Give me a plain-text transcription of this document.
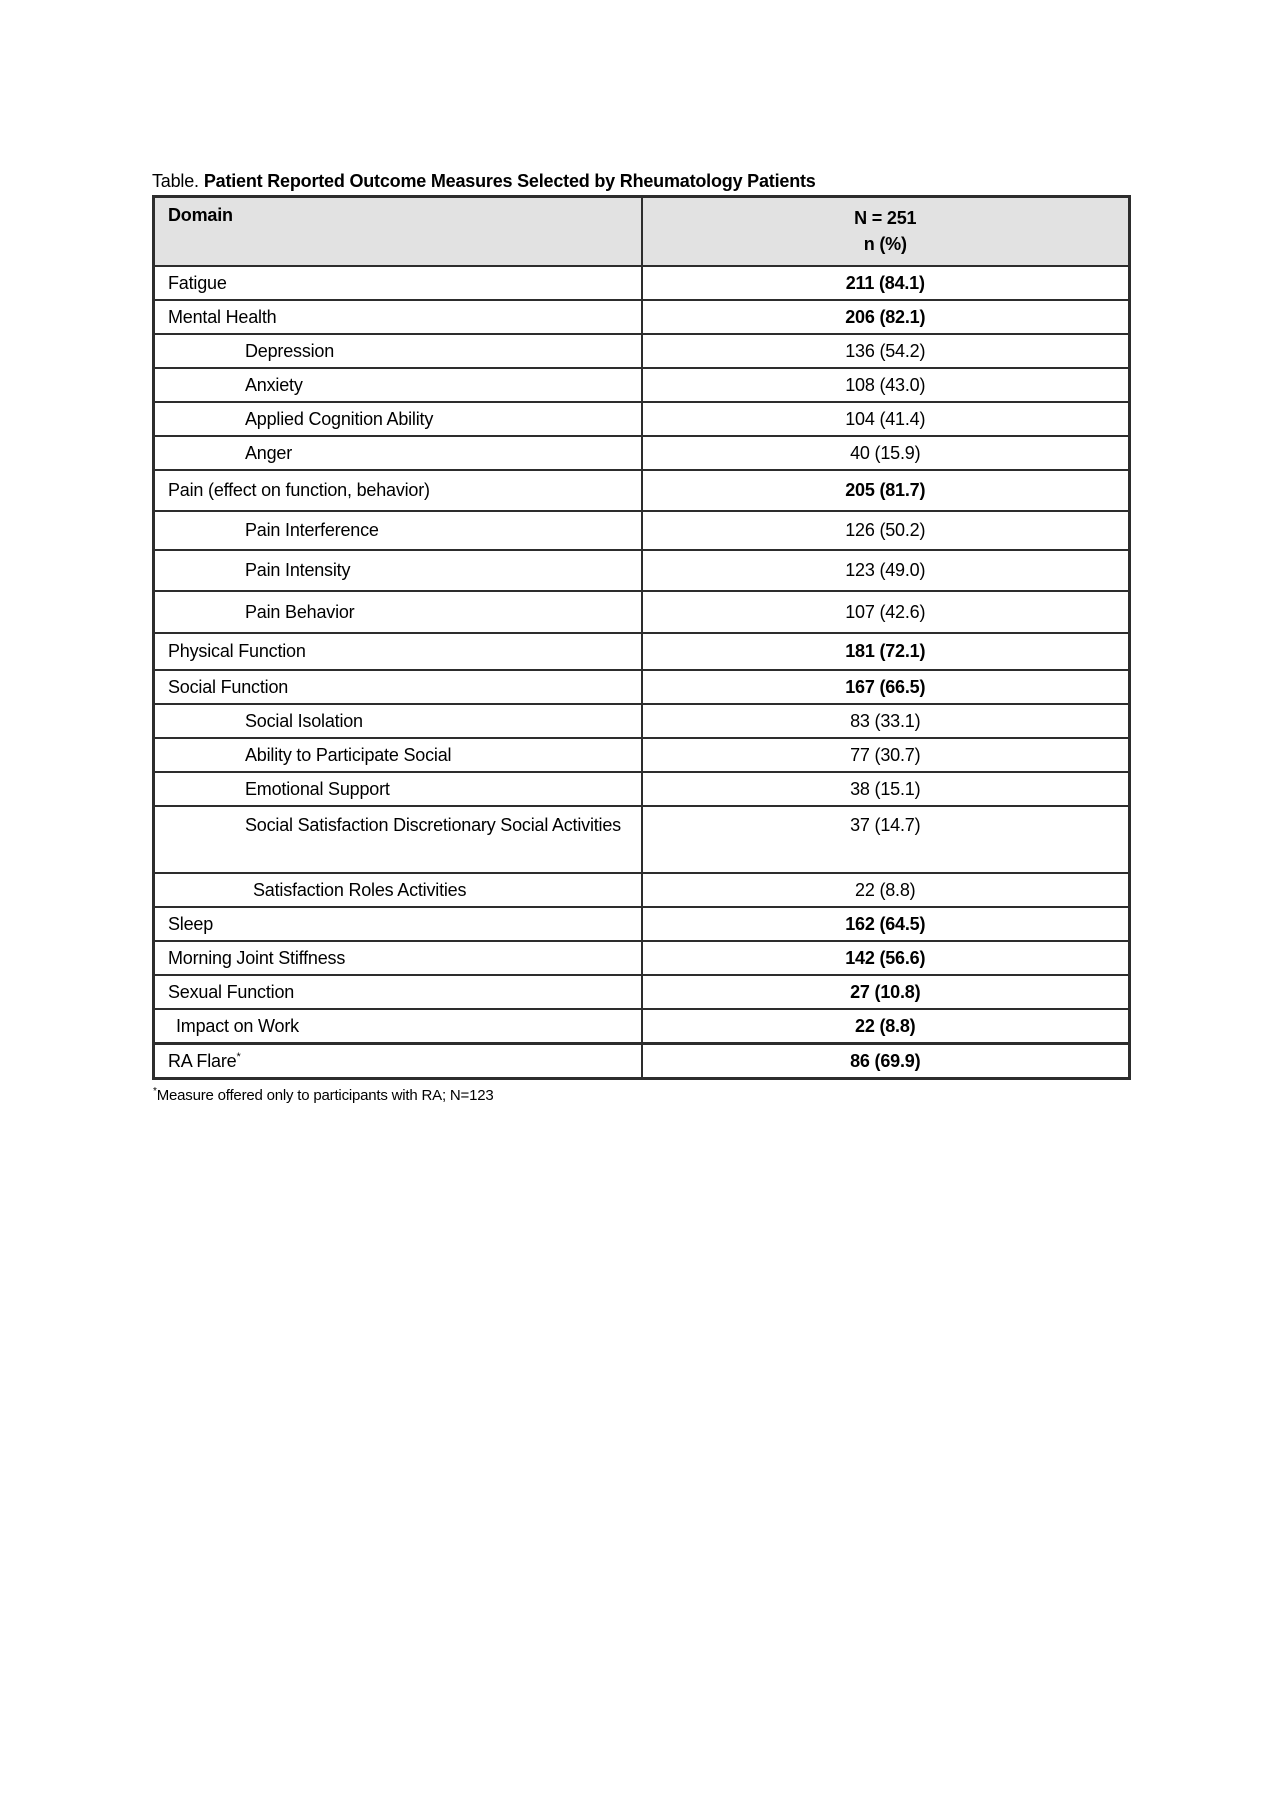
Table. Patient Reported Outcome Measures Selected by Rheumatology Patients
Domain	N = 251
n (%)

Fatigue	211 (84.1)
Mental Health	206 (82.1)
Depression	136 (54.2)
Anxiety	108 (43.0)
Applied Cognition Ability	104 (41.4)
Anger	40 (15.9)
Pain (effect on function, behavior)	205 (81.7)
Pain Interference	126 (50.2)
Pain Intensity	123 (49.0)
Pain Behavior	107 (42.6)
Physical Function	181 (72.1)
Social Function	167 (66.5)
Social Isolation	83 (33.1)
Ability to Participate Social	77 (30.7)
Emotional Support	38 (15.1)
Social Satisfaction Discretionary Social Activities	37 (14.7)
Satisfaction Roles Activities	22 (8.8)
Sleep	162 (64.5)
Morning Joint Stiffness	142 (56.6)
Sexual Function	27 (10.8)
Impact on Work	22 (8.8)
RA Flare*	86 (69.9)
*Measure offered only to participants with RA; N=123
